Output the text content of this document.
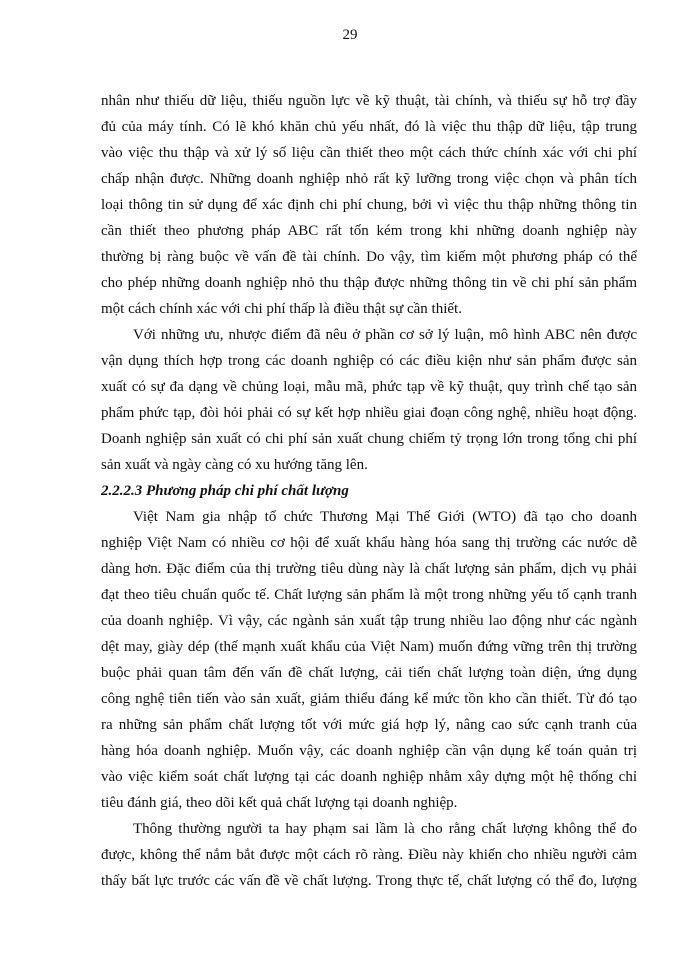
29
nhân như thiếu dữ liệu, thiếu nguồn lực về kỹ thuật, tài chính, và thiếu sự hỗ trợ đầy
đủ của máy tính. Có lẽ khó khăn chủ yếu nhất, đó là việc thu thập dữ liệu, tập trung
vào việc thu thập và xử lý số liệu cần thiết theo một cách thức chính xác với chi phí
chấp nhận được. Những doanh nghiệp nhỏ rất kỹ lưỡng trong việc chọn và phân tích
loại thông tin sử dụng để xác định chi phí chung, bởi vì việc thu thập những thông tin
cần thiết theo phương pháp ABC rất tốn kém trong khi những doanh nghiệp này
thường bị ràng buộc về vấn đề tài chính. Do vậy, tìm kiếm một phương pháp có thể
cho phép những doanh nghiệp nhỏ thu thập được những thông tin về chi phí sản phẩm
một cách chính xác với chi phí thấp là điều thật sự cần thiết.
Với những ưu, nhược điểm đã nêu ở phần cơ sở lý luận, mô hình ABC nên được
vận dụng thích hợp trong các doanh nghiệp có các điều kiện như sản phẩm được sản
xuất có sự đa dạng về chủng loại, mẫu mã, phức tạp về kỹ thuật, quy trình chế tạo sản
phẩm phức tạp, đòi hỏi phải có sự kết hợp nhiều giai đoạn công nghệ, nhiều hoạt động.
Doanh nghiệp sản xuất có chi phí sản xuất chung chiếm tỷ trọng lớn trong tổng chi phí
sản xuất và ngày càng có xu hướng tăng lên.
2.2.2.3 Phương pháp chi phí chất lượng
Việt Nam gia nhập tổ chức Thương Mại Thế Giới (WTO) đã tạo cho doanh
nghiệp Việt Nam có nhiều cơ hội để xuất khẩu hàng hóa sang thị trường các nước dễ
dàng hơn. Đặc điểm của thị trường tiêu dùng này là chất lượng sản phẩm, dịch vụ phải
đạt theo tiêu chuẩn quốc tế. Chất lượng sản phẩm là một trong những yếu tố cạnh tranh
của doanh nghiệp. Vì vậy, các ngành sản xuất tập trung nhiều lao động như các ngành
dệt may, giày dép (thế mạnh xuất khẩu của Việt Nam) muốn đứng vững trên thị trường
buộc phải quan tâm đến vấn đề chất lượng, cải tiến chất lượng toàn diện, ứng dụng
công nghệ tiên tiến vào sản xuất, giảm thiểu đáng kể mức tồn kho cần thiết. Từ đó tạo
ra những sản phẩm chất lượng tốt với mức giá hợp lý, nâng cao sức cạnh tranh của
hàng hóa doanh nghiệp. Muốn vậy, các doanh nghiệp cần vận dụng kế toán quản trị
vào việc kiểm soát chất lượng tại các doanh nghiệp nhằm xây dựng một hệ thống chỉ
tiêu đánh giá, theo dõi kết quả chất lượng tại doanh nghiệp.
Thông thường người ta hay phạm sai lầm là cho rằng chất lượng không thể đo
được, không thể nắm bắt được một cách rõ ràng. Điều này khiến cho nhiều người cảm
thấy bất lực trước các vấn đề về chất lượng. Trong thực tế, chất lượng có thể đo, lượng
